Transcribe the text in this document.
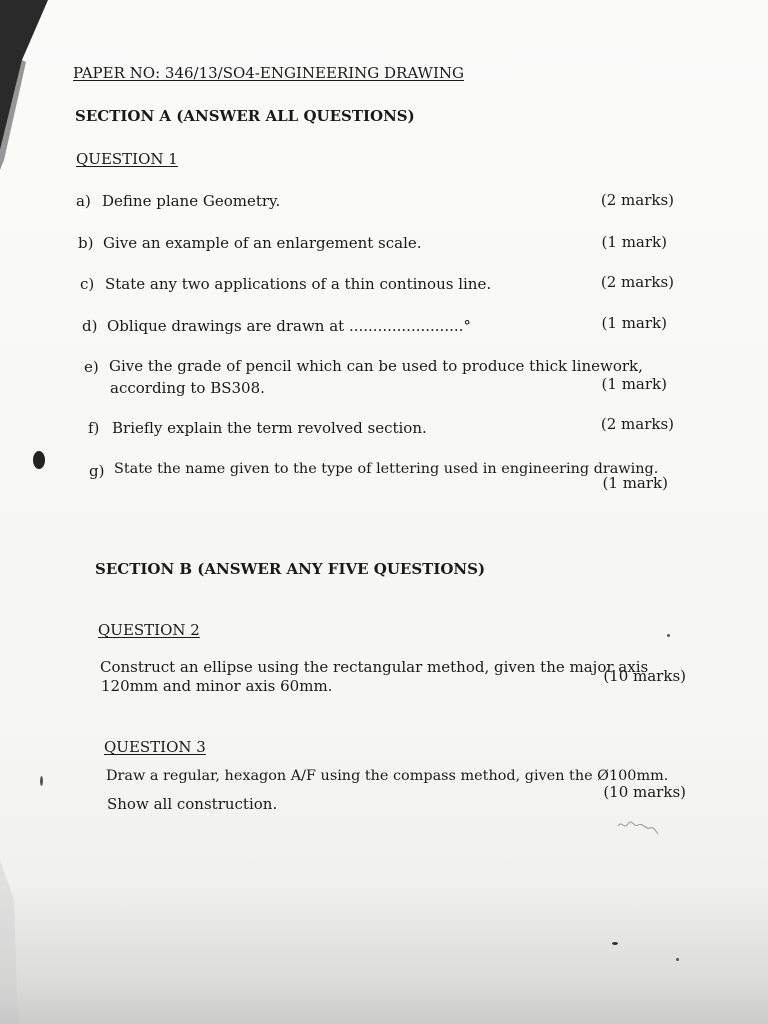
PAPER NO: 346/13/SO4-ENGINEERING DRAWING
SECTION A (ANSWER ALL QUESTIONS)
QUESTION 1
a) Define plane Geometry.	(2 marks)
b) Give an example of an enlargement scale.	(1 mark)
c) State any two applications of a thin continous line.	(2 marks)
d) Oblique drawings are drawn at ........................°	(1 mark)
e) Give the grade of pencil which can be used to produce thick linework,
according to BS308.	(1 mark)
f) Briefly explain the term revolved section.	(2 marks)
g) State the name given to the type of lettering used in engineering drawing.
(1 mark)
SECTION B (ANSWER ANY FIVE QUESTIONS)
QUESTION 2
Construct an ellipse using the rectangular method, given the major axis
120mm and minor axis 60mm.
(10 marks)
QUESTION 3
Draw a regular, hexagon A/F using the compass method, given the Ø100mm.
Show all construction.
(10 marks)
